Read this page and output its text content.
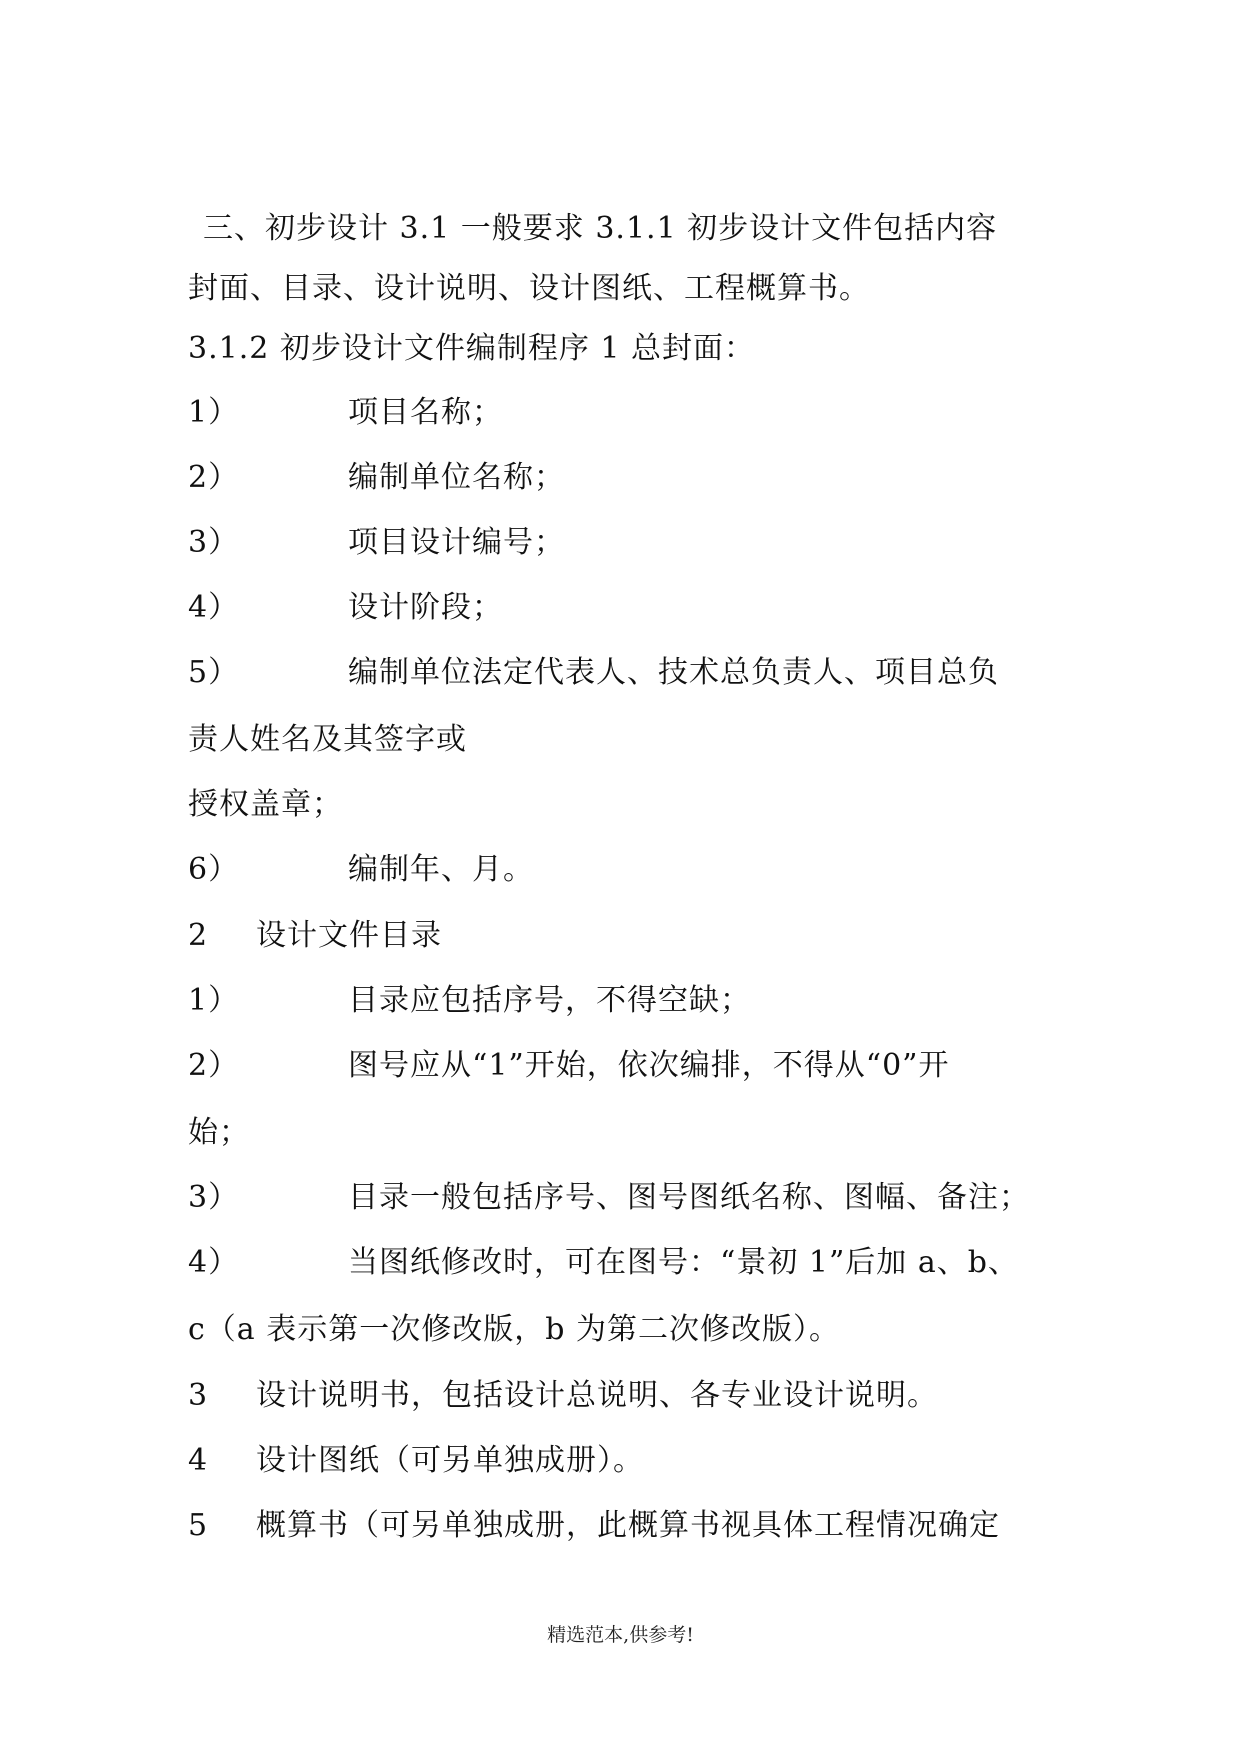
三、初步设计 3.1 一般要求 3.1.1 初步设计文件包括内容
封面、目录、设计说明、设计图纸、工程概算书。
3.1.2 初步设计文件编制程序 1 总封面：
1）	项目名称；
2）	编制单位名称；
3）	项目设计编号；
4）	设计阶段；
5）	编制单位法定代表人、技术总负责人、项目总负
责人姓名及其签字或
授权盖章；
6）	编制年、月。
2 设计文件目录
1）	目录应包括序号，不得空缺；
2）	图号应从“1”开始，依次编排，不得从“0”开
始；
3）	目录一般包括序号、图号图纸名称、图幅、备注；
4）	当图纸修改时，可在图号：“景初 1”后加 a、b、
c（a 表示第一次修改版，b 为第二次修改版）。
3 设计说明书，包括设计总说明、各专业设计说明。
4 设计图纸（可另单独成册）。
5 概算书（可另单独成册，此概算书视具体工程情况确定
精选范本,供参考!
